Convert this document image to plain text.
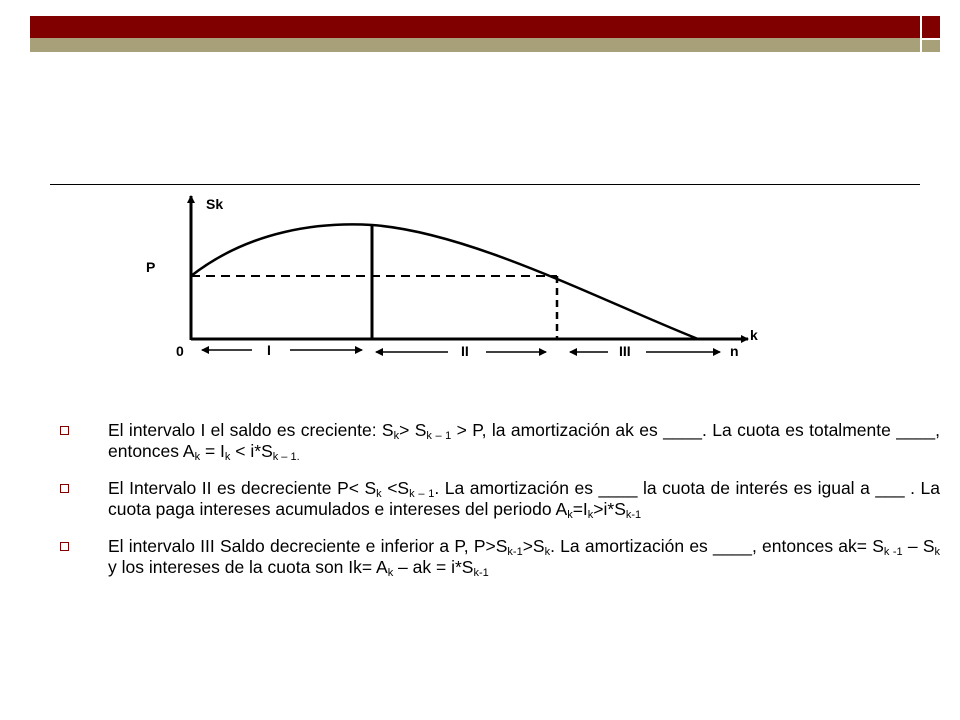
Sk
k
P
0	n
I	II	III
El intervalo I el saldo es creciente: $S_k> S_{k - 1} > P$, la amortización ak es ____. La cuota es totalmente ____, entonces $A_k = I_k < i*S_{k - 1.}$
El Intervalo II es decreciente $P< S_k <S_{k - 1}$. La amortización es ____ la cuota de interés es igual a ___ . La cuota paga intereses acumulados e intereses del periodo $A_k=I_k>i*S_{k-1}$
El intervalo III Saldo decreciente e inferior a P, $P>S_{k-1}>S_k$. La amortización es ____, entonces $ak= S_{k -1} - S_k$ y los intereses de la cuota son $Ik= A_k$ – ak = $i*S_{k-1}$
